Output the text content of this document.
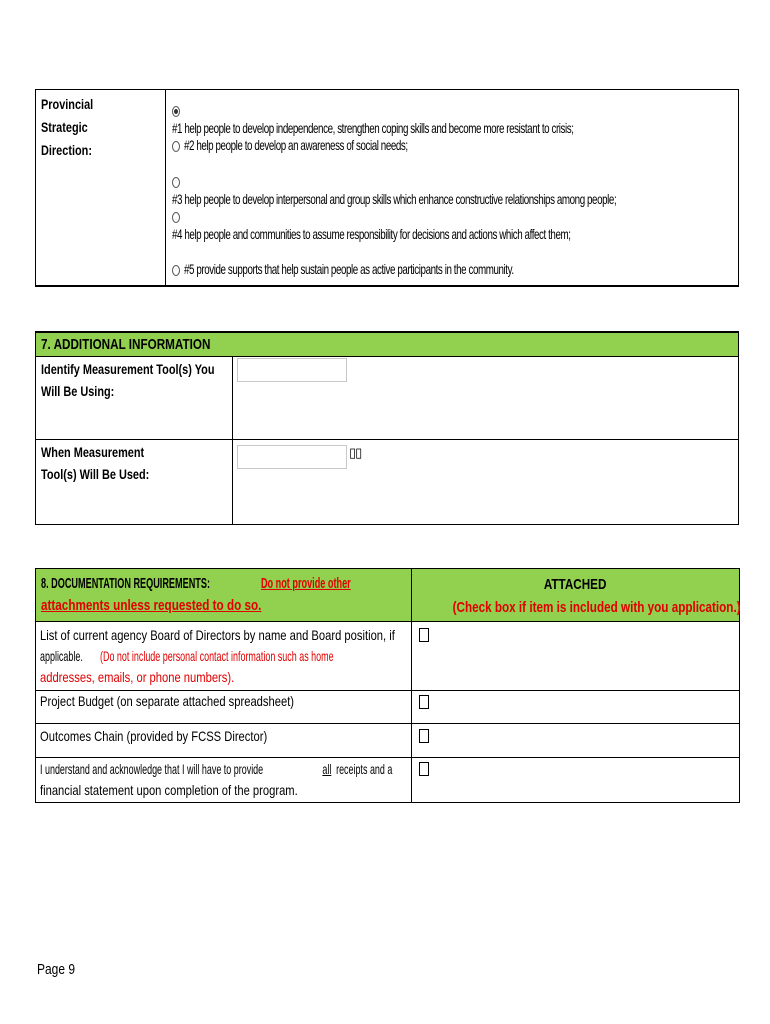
Provincial Strategic
Direction:
#1 help people to develop independence, strengthen coping skills and become more resistant to crisis;
#2 help people to develop an awareness of social needs;
#3 help people to develop interpersonal and group skills which enhance constructive relationships among people;
#4 help people and communities to assume responsibility for decisions and actions which affect them;
#5 provide supports that help sustain people as active participants in the community.
7. ADDITIONAL INFORMATION
Identify Measurement Tool(s) You
Will Be Using:
When Measurement
Tool(s) Will Be Used:
▯▯
8. DOCUMENTATION REQUIREMENTS:	Do not provide other
attachments unless requested to do so.
ATTACHED
(Check box if item is included with you application.)
List of current agency Board of Directors by name and Board position, if
applicable.  (Do not include personal contact information such as home
addresses, emails, or phone numbers).
Project Budget (on separate attached spreadsheet)
Outcomes Chain (provided by FCSS Director)
I understand and acknowledge that I will have to provide	all receipts and a
financial statement upon completion of the program.
Page 9
